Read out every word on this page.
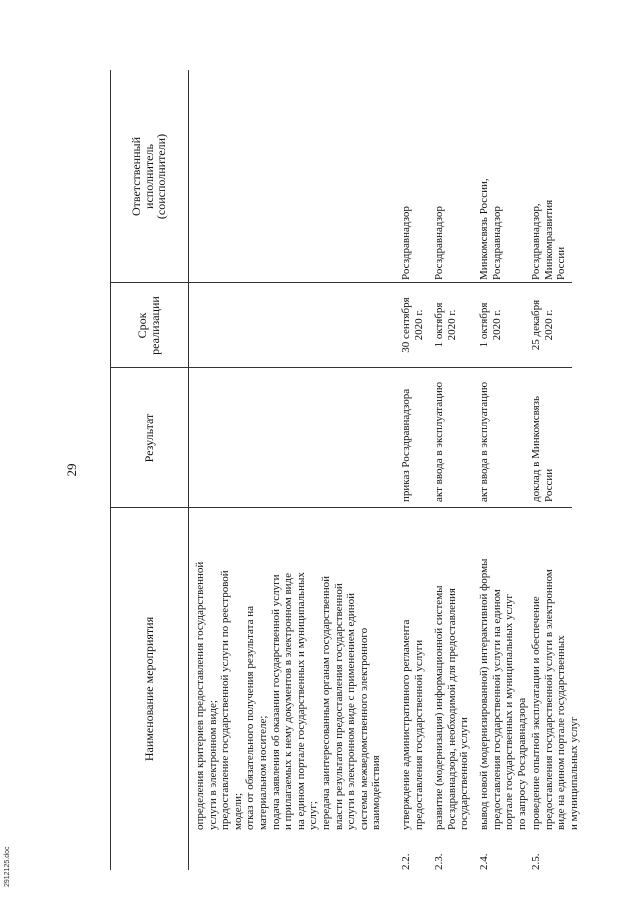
29
Наименование мероприятия
Результат
Срок
реализации
Ответственный
исполнитель
(соисполнители)
определения критериев предоставления государственной услуги в электронном виде; предоставление государственной услуги по реестровой модели; отказ от обязательного получения результата на материальном носителе; подача заявления об оказании государственной услуги и прилагаемых к нему документов в электронном виде на едином портале государственных и муниципальных услуг; передача заинтересованным органам государственной власти результатов предоставления государственной услуги в электронном виде с применением единой системы межведомственного электронного взаимодействия
2.2.
утверждение административного регламента предоставления государственной услуги
приказ Росздравнадзора
30 сентября 2020 г.
Росздравнадзор
2.3.
развитие (модернизация) информационной системы Росздравнадзора, необходимой для предоставления государственной услуги
акт ввода в эксплуатацию
1 октября 2020 г.
Росздравнадзор
2.4.
вывод новой (модернизированной) интерактивной формы предоставления государственной услуги на едином портале государственных и муниципальных услуг по запросу Росздравнадзора
акт ввода в эксплуатацию
1 октября 2020 г.
Минкомсвязь России, Росздравнадзор
2.5.
проведение опытной эксплуатации и обеспечение предоставления государственной услуги в электронном виде на едином портале государственных и муниципальных услуг
доклад в Минкомсвязь России
25 декабря 2020 г.
Росздравнадзор, Минкомразвития России
2912125.doc
